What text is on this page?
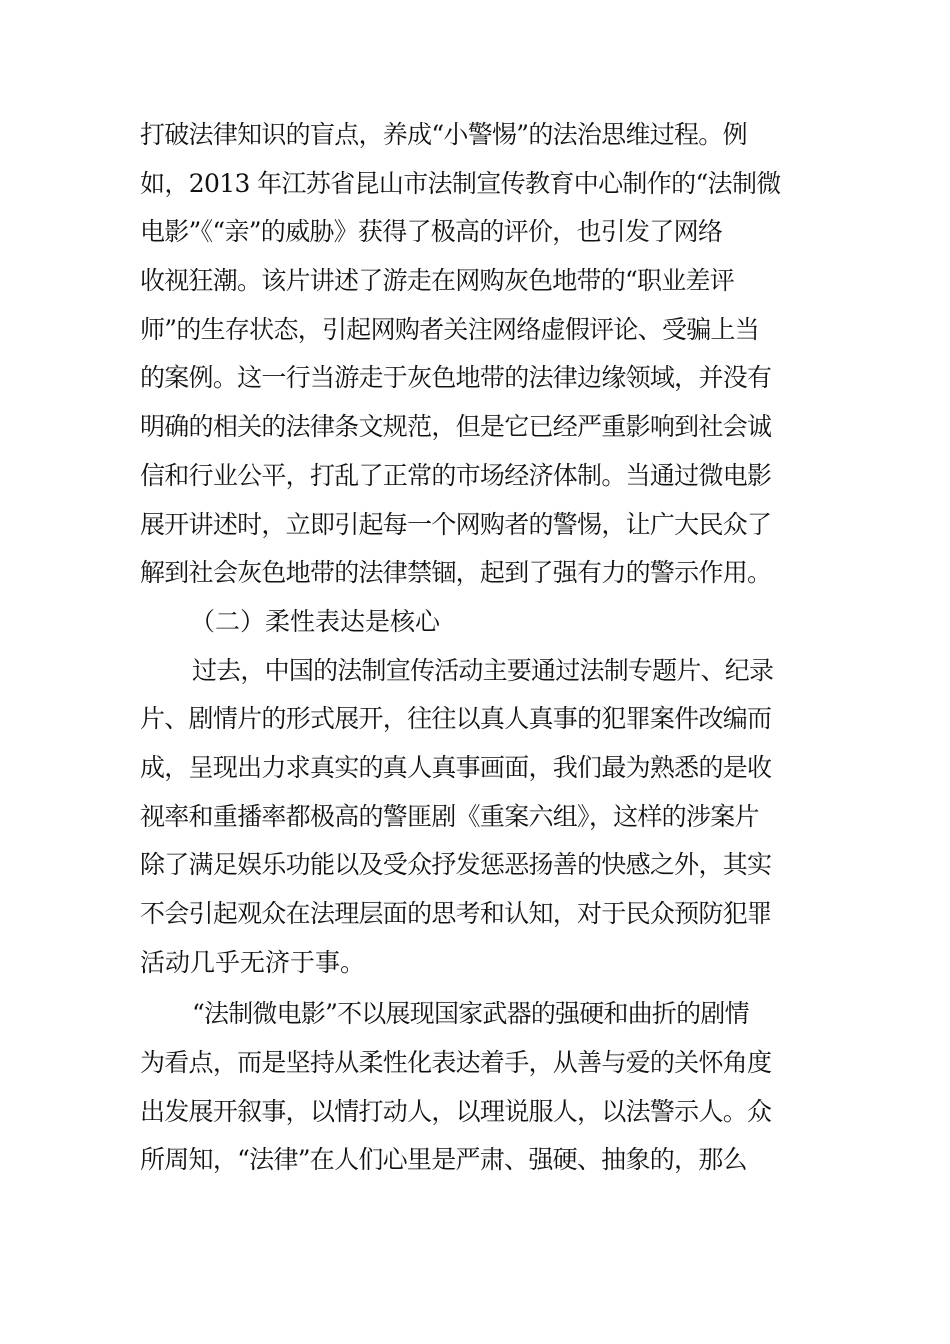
打破法律知识的盲点，养成“小警惕”的法治思维过程。例
如，2013 年江苏省昆山市法制宣传教育中心制作的“法制微
电影”《“亲”的威胁》获得了极高的评价，也引发了网络
收视狂潮。该片讲述了游走在网购灰色地带的“职业差评
师”的生存状态，引起网购者关注网络虚假评论、受骗上当
的案例。这一行当游走于灰色地带的法律边缘领域，并没有
明确的相关的法律条文规范，但是它已经严重影响到社会诚
信和行业公平，打乱了正常的市场经济体制。当通过微电影
展开讲述时，立即引起每一个网购者的警惕，让广大民众了
解到社会灰色地带的法律禁锢，起到了强有力的警示作用。
（二）柔性表达是核心
过去，中国的法制宣传活动主要通过法制专题片、纪录
片、剧情片的形式展开，往往以真人真事的犯罪案件改编而
成，呈现出力求真实的真人真事画面，我们最为熟悉的是收
视率和重播率都极高的警匪剧《重案六组》，这样的涉案片
除了满足娱乐功能以及受众抒发惩恶扬善的快感之外，其实
不会引起观众在法理层面的思考和认知，对于民众预防犯罪
活动几乎无济于事。
“法制微电影”不以展现国家武器的强硬和曲折的剧情
为看点，而是坚持从柔性化表达着手，从善与爱的关怀角度
出发展开叙事，以情打动人，以理说服人，以法警示人。众
所周知，“法律”在人们心里是严肃、强硬、抽象的，那么
